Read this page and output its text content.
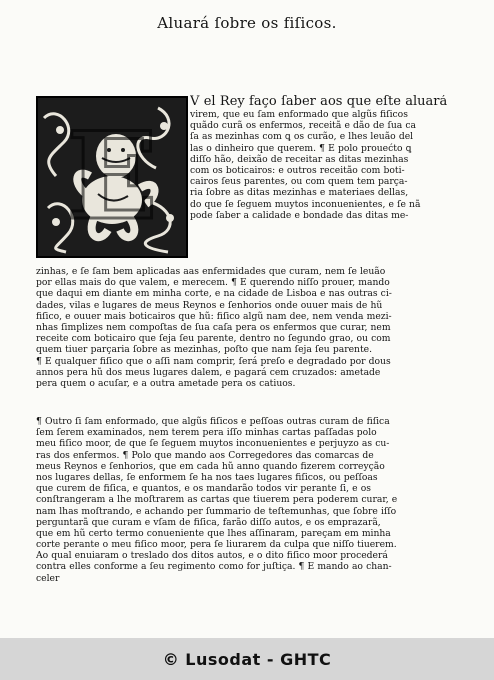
Aluará ſobre os fiſicos.
E
V el Rey faço ſaber aos que eſte aluará
virem, que eu ſam enformado que algũs fiſicos
quãdo curã os enfermos, receitã e dão de ſua ca
ſa as mezinhas com ꝗ os curão, e lhes leuão del
las o dinheiro que querem. ¶ E polo prouećto ꝗ
diſſo hão, deixão de receitar as ditas mezinhas
com os boticairos: e outros receitão com boti-
cairos ſeus parentes, ou com quem tem parça-
ria ſobre as ditas mezinhas e materiaes dellas,
do que ſe ſeguem muytos inconuenientes, e ſe nã
pode ſaber a calidade e bondade das ditas me-
zinhas, e ſe ſam bem aplicadas aas enfermidades que curam, nem ſe leuão
por ellas mais do que valem, e merecem. ¶ E querendo niſſo prouer, mando
que daqui em diante em minha corte, e na cidade de Lisboa e nas outras ci-
dades, vilas e lugares de meus Reynos e ſenhorios onde ouuer mais de hũ
fiſico, e ouuer mais boticairos que hũ: fiſico algũ nam dee, nem venda mezi-
nhas ſimplizes nem compoſtas de ſua caſa pera os enfermos que curar, nem
receite com boticairo que ſeja ſeu parente, dentro no ſegundo grao, ou com
quem tiuer parçaria ſobre as mezinhas, poſto que nam ſeja ſeu parente.
¶ E qualquer fiſico que o aſſi nam comprir, ſerá preſo e degradado por dous
annos pera hũ dos meus lugares dalem, e pagará cem cruzados: ametade
pera quem o acuſar, e a outra ametade pera os catiuos.
¶ Outro ſi ſam enformado, que algũs fiſicos e peſſoas outras curam de fiſica
ſem ſerem examinados, nem terem pera iſſo minhas cartas paſſadas polo
meu fiſico moor, de que ſe ſeguem muytos inconuenientes e perjuyzo as cu-
ras dos enfermos. ¶ Polo que mando aos Corregedores das comarcas de
meus Reynos e ſenhorios, que em cada hũ anno quando fizerem correyção
nos lugares dellas, ſe enformem ſe ha nos taes lugares fiſicos, ou peſſoas
que curem de fiſica, e quantos, e os mandarão todos vir perante ſi, e os
conſtrangeram a lhe moſtrarem as cartas que tiuerem pera poderem curar, e
nam lhas moſtrando, e achando per ſummario de teſtemunhas, que ſobre iſſo
perguntarã que curam e vſam de fiſica, farão diſſo autos, e os emprazarã,
que em hũ certo termo conueniente que lhes aſſinaram, pareçam em minha
corte perante o meu fiſico moor, pera ſe liurarem da culpa que niſſo tiuerem.
Ao qual enuiaram o treslado dos ditos autos, e o dito fiſico moor procederá
contra elles conforme a ſeu regimento como for juſtiça. ¶ E mando ao chan-
celer
© Lusodat - GHTC
